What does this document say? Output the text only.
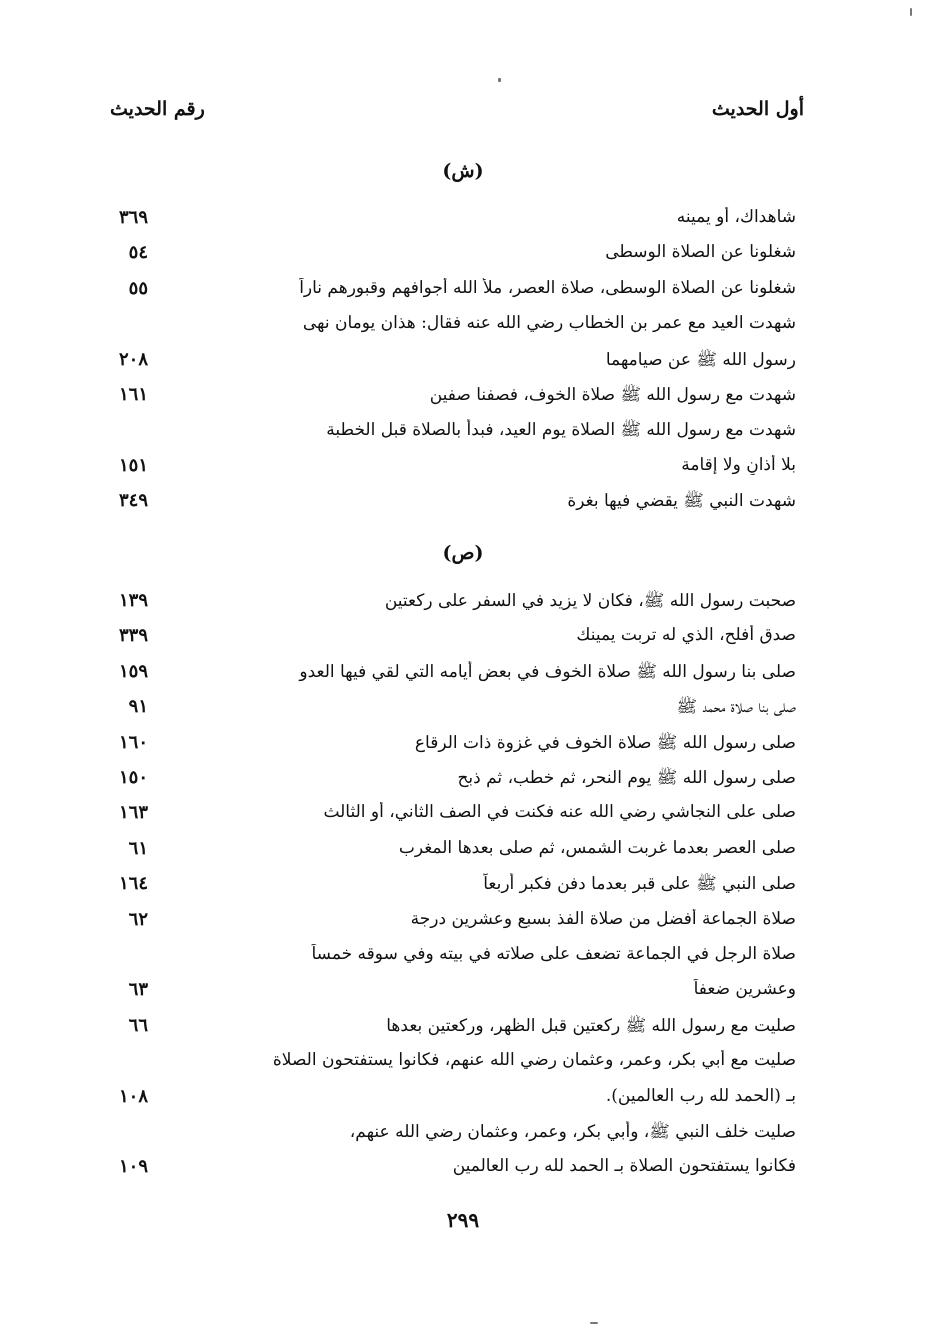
أول الحديث
رقم الحديث
(ش)
شاهداك، أو يمينه
٣٦٩
شغلونا عن الصلاة الوسطى
٥٤
شغلونا عن الصلاة الوسطى، صلاة العصر، ملأ الله أجوافهم وقبورهم ناراً
٥٥
شهدت العيد مع عمر بن الخطاب رضي الله عنه فقال: هذان يومان نهى
رسول الله ﷺ عن صيامهما
٢٠٨
شهدت مع رسول الله ﷺ صلاة الخوف، فصفنا صفين
١٦١
شهدت مع رسول الله ﷺ الصلاة يوم العيد، فبدأ بالصلاة قبل الخطبة
بلا أذانٍ ولا إقامة
١٥١
شهدت النبي ﷺ يقضي فيها بغرة
٣٤٩
(ص)
صحبت رسول الله ﷺ، فكان لا يزيد في السفر على ركعتين
١٣٩
صدق أفلح، الذي له تربت يمينك
٣٣٩
صلى بنا رسول الله ﷺ صلاة الخوف في بعض أيامه التي لقي فيها العدو
١٥٩
صلى بنا صلاة محمد ﷺ
٩١
صلى رسول الله ﷺ صلاة الخوف في غزوة ذات الرقاع
١٦٠
صلى رسول الله ﷺ يوم النحر، ثم خطب، ثم ذبح
١٥٠
صلى على النجاشي رضي الله عنه فكنت في الصف الثاني، أو الثالث
١٦٣
صلى العصر بعدما غربت الشمس، ثم صلى بعدها المغرب
٦١
صلى النبي ﷺ على قبر بعدما دفن فكبر أربعاً
١٦٤
صلاة الجماعة أفضل من صلاة الفذ بسبع وعشرين درجة
٦٢
صلاة الرجل في الجماعة تضعف على صلاته في بيته وفي سوقه خمساً
وعشرين ضعفاً
٦٣
صليت مع رسول الله ﷺ ركعتين قبل الظهر، وركعتين بعدها
٦٦
صليت مع أبي بكر، وعمر، وعثمان رضي الله عنهم، فكانوا يستفتحون الصلاة
بـ (الحمد لله رب العالمين).
١٠٨
صليت خلف النبي ﷺ، وأبي بكر، وعمر، وعثمان رضي الله عنهم،
فكانوا يستفتحون الصلاة بـ الحمد لله رب العالمين
١٠٩
٢٩٩
